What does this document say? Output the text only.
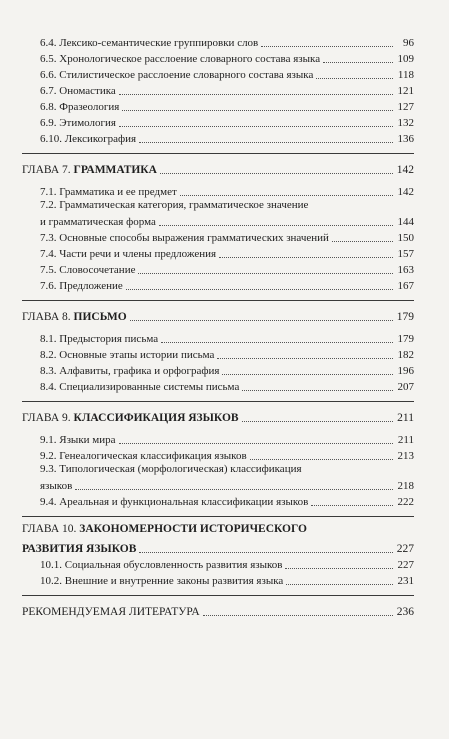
6.4. Лексико-семантические группировки слов	96
6.5. Хронологическое расслоение словарного состава языка	109
6.6. Стилистическое расслоение словарного состава языка	118
6.7. Ономастика	121
6.8. Фразеология	127
6.9. Этимология	132
6.10. Лексикография	136
ГЛАВА 7. ГРАММАТИКА	142
7.1. Грамматика и ее предмет	142
7.2. Грамматическая категория, грамматическое значение
и грамматическая форма	144
7.3. Основные способы выражения грамматических значений	150
7.4. Части речи и члены предложения	157
7.5. Словосочетание	163
7.6. Предложение	167
ГЛАВА 8. ПИСЬМО	179
8.1. Предыстория письма	179
8.2. Основные этапы истории письма	182
8.3. Алфавиты, графика и орфография	196
8.4. Специализированные системы письма	207
ГЛАВА 9. КЛАССИФИКАЦИЯ ЯЗЫКОВ	211
9.1. Языки мира	211
9.2. Генеалогическая классификация языков	213
9.3. Типологическая (морфологическая) классификация
языков	218
9.4. Ареальная и функциональная классификации языков	222
ГЛАВА 10. ЗАКОНОМЕРНОСТИ ИСТОРИЧЕСКОГО
РАЗВИТИЯ ЯЗЫКОВ	227
10.1. Социальная обусловленность развития языков	227
10.2. Внешние и внутренние законы развития языка	231
РЕКОМЕНДУЕМАЯ ЛИТЕРАТУРА	236
